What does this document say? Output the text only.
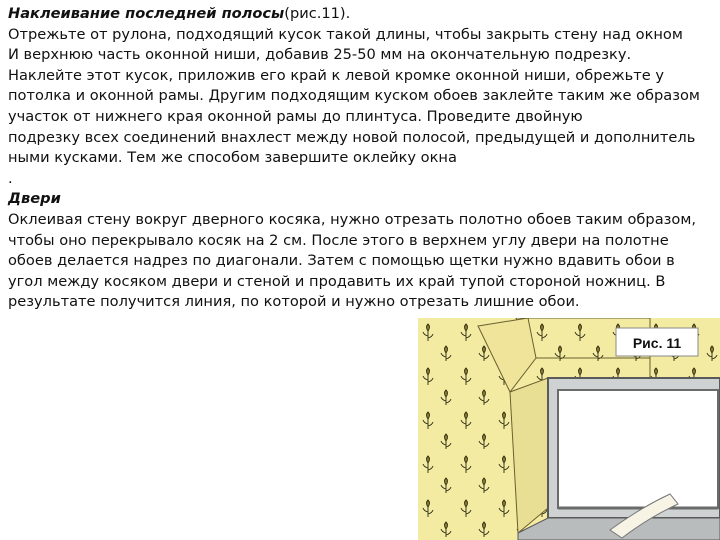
Наклеивание последней полосы(рис.11).
Отрежьте от рулона, подходящий кусок такой длины, чтобы закрыть стену над окном
И верхнюю часть оконной ниши, добавив 25-50 мм на окончательную подрезку.
Наклейте этот кусок, приложив его край к левой кромке оконной ниши, обрежьте у
потолка и оконной рамы. Другим подходящим куском обоев заклейте таким же образом
участок от нижнего края оконной рамы до плинтуса. Проведите двойную
подрезку всех соединений внахлест между новой полосой, предыдущей и дополнитель
ными кусками. Тем же способом завершите оклейку окна
.
Двери
Оклеивая стену вокруг дверного косяка, нужно отрезать полотно обоев таким образом,
чтобы оно перекрывало косяк на 2 см. После этого в верхнем углу двери на полотне
обоев делается надрез по диагонали. Затем с помощью щетки нужно вдавить обои в
угол между косяком двери и стеной и продавить их край тупой стороной ножниц. В
результате получится линия, по которой и нужно отрезать лишние обои.
Рис. 11
